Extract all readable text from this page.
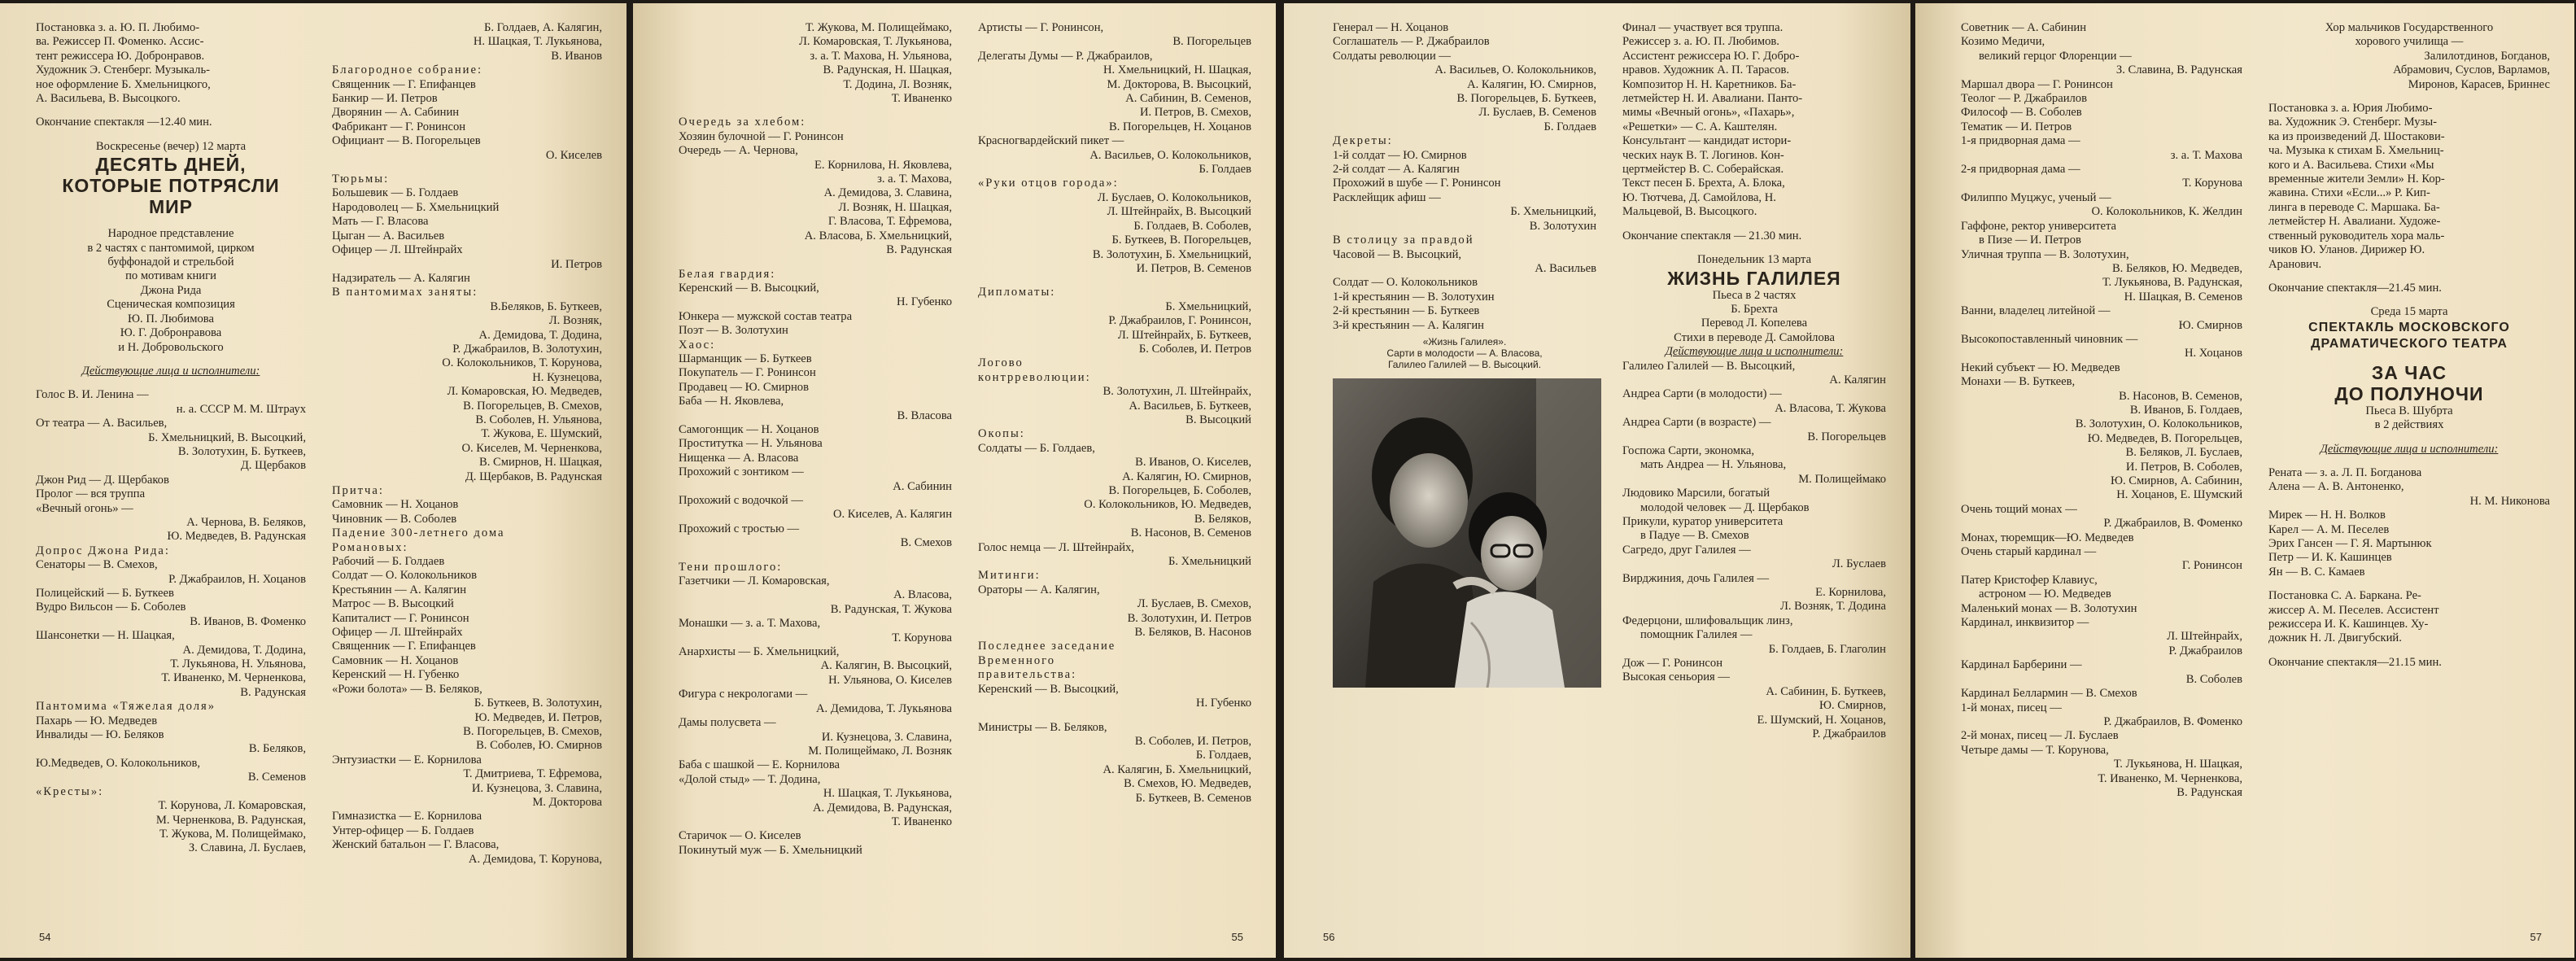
Постановка з. а. Ю. П. Любимо-
ва. Режиссер П. Фоменко. Ассис-
тент режиссера Ю. Добронравов.
Художник Э. Стенберг. Музыкаль-
ное оформление Б. Хмельницкого,
А. Васильева, В. Высоцкого.
Окончание спектакля —12.40 мин.
Воскресенье (вечер) 12 марта
ДЕСЯТЬ ДНЕЙ,
КОТОРЫЕ ПОТРЯСЛИ
МИР
Народное представление
в 2 частях с пантомимой, цирком
буффонадой и стрельбой
по мотивам книги
Джона Рида
Сценическая композиция
Ю. П. Любимова
Ю. Г. Добронравова
и Н. Добровольского
Действующие лица и исполнители:
Голос В. И. Ленина —
н. а. СССР М. М. Штраух
От театра — А. Васильев,
Б. Хмельницкий, В. Высоцкий,
В. Золотухин, Б. Буткеев,
Д. Щербаков
Джон Рид — Д. Щербаков
Пролог — вся труппа
«Вечный огонь» —
А. Чернова, В. Беляков,
Ю. Медведев, В. Радунская
Допрос Джона Рида:
Сенаторы — В. Смехов,
Р. Джабраилов, Н. Хоцанов
Полицейский — Б. Буткеев
Вудро Вильсон — Б. Соболев
В. Иванов, В. Фоменко
Шансонетки — Н. Шацкая,
А. Демидова, Т. Додина,
Т. Лукьянова, Н. Ульянова,
Т. Иваненко, М. Черненкова,
В. Радунская
Пантомима «Тяжелая доля»
Пахарь — Ю. Медведев
Инвалиды — Ю. Беляков
В. Беляков,
Ю.Медведев, О. Колокольников,
В. Семенов
«Кресты»:
Т. Корунова, Л. Комаровская,
М. Черненкова, В. Радунская,
Т. Жукова, М. Полищеймако,
З. Славина, Л. Буслаев,
Б. Голдаев, А. Калягин,
Н. Шацкая, Т. Лукьянова,
В. Иванов
Благородное собрание:
Священник — Г. Епифанцев
Банкир — И. Петров
Дворянин — А. Сабинин
Фабрикант — Г. Ронинсон
Официант — В. Погорельцев
О. Киселев
Тюрьмы:
Большевик — Б. Голдаев
Народоволец — Б. Хмельницкий
Мать — Г. Власова
Цыган — А. Васильев
Офицер — Л. Штейнрайх
И. Петров
Надзиратель — А. Калягин
В пантомимах заняты:
В.Беляков, Б. Буткеев,
Л. Возняк,
А. Демидова, Т. Додина,
Р. Джабраилов, В. Золотухин,
О. Колокольников, Т. Корунова,
Н. Кузнецова,
Л. Комаровская, Ю. Медведев,
В. Погорельцев, В. Смехов,
В. Соболев, Н. Ульянова,
Т. Жукова, Е. Шумский,
О. Киселев, М. Черненкова,
В. Смирнов, Н. Шацкая,
Д. Щербаков, В. Радунская
Притча:
Самовник — Н. Хоцанов
Чиновник — В. Соболев
Падение 300-летнего дома
Романовых:
Рабочий — Б. Голдаев
Солдат — О. Колокольников
Крестьянин — А. Калягин
Матрос — В. Высоцкий
Капиталист — Г. Ронинсон
Офицер — Л. Штейнрайх
Священник — Г. Епифанцев
Самовник — Н. Хоцанов
Керенский — Н. Губенко
«Рожи болота» — В. Беляков,
Б. Буткеев, В. Золотухин,
Ю. Медведев, И. Петров,
В. Погорельцев, В. Смехов,
В. Соболев, Ю. Смирнов
Энтузиастки — Е. Корнилова
Т. Дмитриева, Т. Ефремова,
И. Кузнецова, З. Славина,
М. Докторова
Гимназистка — Е. Корнилова
Унтер-офицер — Б. Голдаев
Женский батальон — Г. Власова,
А. Демидова, Т. Корунова,
54
Т. Жукова, М. Полищеймако,
Л. Комаровская, Т. Лукьянова,
з. а. Т. Махова, Н. Ульянова,
В. Радунская, Н. Шацкая,
Т. Додина, Л. Возняк,
Т. Иваненко
Очередь за хлебом:
Хозяин булочной — Г. Ронинсон
Очередь — А. Чернова,
Е. Корнилова, Н. Яковлева,
з. а. Т. Махова,
А. Демидова, З. Славина,
Л. Возняк, Н. Шацкая,
Г. Власова, Т. Ефремова,
А. Власова, Б. Хмельницкий,
В. Радунская
Белая гвардия:
Керенский — В. Высоцкий,
Н. Губенко
Юнкера — мужской состав театра
Поэт — В. Золотухин
Хаос:
Шарманщик — Б. Буткеев
Покупатель — Г. Ронинсон
Продавец — Ю. Смирнов
Баба — Н. Яковлева,
В. Власова
Самогонщик — Н. Хоцанов
Проститутка — Н. Ульянова
Нищенка — А. Власова
Прохожий с зонтиком —
А. Сабинин
Прохожий с водочкой —
О. Киселев, А. Калягин
Прохожий с тростью —
В. Смехов
Тени прошлого:
Газетчики — Л. Комаровская,
А. Власова,
В. Радунская, Т. Жукова
Монашки — з. а. Т. Махова,
Т. Корунова
Анархисты — Б. Хмельницкий,
А. Калягин, В. Высоцкий,
Н. Ульянова, О. Киселев
Фигура с некрологами —
А. Демидова, Т. Лукьянова
Дамы полусвета —
И. Кузнецова, З. Славина,
М. Полищеймако, Л. Возняк
Баба с шашкой — Е. Корнилова
«Долой стыд» — Т. Додина,
Н. Шацкая, Т. Лукьянова,
А. Демидова, В. Радунская,
Т. Иваненко
Старичок — О. Киселев
Покинутый муж — Б. Хмельницкий
Артисты — Г. Ронинсон,
В. Погорельцев
Делегаты Думы — Р. Джабраилов,
Н. Хмельницкий, Н. Шацкая,
М. Докторова, В. Высоцкий,
А. Сабинин, В. Семенов,
И. Петров, В. Смехов,
В. Погорельцев, Н. Хоцанов
Красногвардейский пикет —
А. Васильев, О. Колокольников,
Б. Голдаев
«Руки отцов города»:
Л. Буслаев, О. Колокольников,
Л. Штейнрайх, В. Высоцкий
Б. Голдаев, В. Соболев,
Б. Буткеев, В. Погорельцев,
В. Золотухин, Б. Хмельницкий,
И. Петров, В. Семенов
Дипломаты:
Б. Хмельницкий,
Р. Джабраилов, Г. Ронинсон,
Л. Штейнрайх, Б. Буткеев,
Б. Соболев, И. Петров
Логово
контрреволюции:
В. Золотухин, Л. Штейнрайх,
А. Васильев, Б. Буткеев,
В. Высоцкий
Окопы:
Солдаты — Б. Голдаев,
В. Иванов, О. Киселев,
А. Калягин, Ю. Смирнов,
В. Погорельцев, Б. Соболев,
О. Колокольников, Ю. Медведев,
В. Беляков,
В. Насонов, В. Семенов
Голос немца — Л. Штейнрайх,
Б. Хмельницкий
Митинги:
Ораторы — А. Калягин,
Л. Буслаев, В. Смехов,
В. Золотухин, И. Петров
В. Беляков, В. Насонов
Последнее заседание
Временного
правительства:
Керенский — В. Высоцкий,
Н. Губенко
Министры — В. Беляков,
В. Соболев, И. Петров,
Б. Голдаев,
А. Калягин, Б. Хмельницкий,
В. Смехов, Ю. Медведев,
Б. Буткеев, В. Семенов
55
Генерал — Н. Хоцанов
Соглашатель — Р. Джабраилов
Солдаты революции —
А. Васильев, О. Колокольников,
А. Калягин, Ю. Смирнов,
В. Погорельцев, Б. Буткеев,
Л. Буслаев, В. Семенов
Б. Голдаев
Декреты:
1-й солдат — Ю. Смирнов
2-й солдат — А. Калягин
Прохожий в шубе — Г. Ронинсон
Расклейщик афиш —
Б. Хмельницкий,
В. Золотухин
В столицу за правдой
Часовой — В. Высоцкий,
А. Васильев
Солдат — О. Колокольников
1-й крестьянин — В. Золотухин
2-й крестьянин — Б. Буткеев
3-й крестьянин — А. Калягин
«Жизнь Галилея».
Сарти в молодости — А. Власова,
Галилео Галилей — В. Высоцкий.
Финал — участвует вся труппа.
Режиссер з. а. Ю. П. Любимов.
Ассистент режиссера Ю. Г. Добро-
нравов. Художник А. П. Тарасов.
Композитор Н. Н. Каретников. Ба-
летмейстер Н. И. Авалиани. Панто-
мимы «Вечный огонь», «Пахарь»,
«Решетки» — С. А. Каштелян.
Консультант — кандидат истори-
ческих наук В. Т. Логинов. Кон-
цертмейстер В. С. Соберайская.
Текст песен Б. Брехта, А. Блока,
Ю. Тютчева, Д. Самойлова, Н.
Мальцевой, В. Высоцкого.
Окончание спектакля — 21.30 мин.
Понедельник 13 марта
ЖИЗНЬ ГАЛИЛЕЯ
Пьеса в 2 частях
Б. Брехта
Перевод Л. Копелева
Стихи в переводе Д. Самойлова
Действующие лица и исполнители:
Галилео Галилей — В. Высоцкий,
А. Калягин
Андреа Сарти (в молодости) —
А. Власова, Т. Жукова
Андреа Сарти (в возрасте) —
В. Погорельцев
Госпожа Сарти, экономка,
мать Андреа — Н. Ульянова,
М. Полищеймако
Людовико Марсили, богатый
молодой человек — Д. Щербаков
Прикули, куратор университета
в Падуе — В. Смехов
Сагредо, друг Галилея —
Л. Буслаев
Вирджиния, дочь Галилея —
Е. Корнилова,
Л. Возняк, Т. Додина
Федерцони, шлифовальщик линз,
помощник Галилея —
Б. Голдаев, Б. Глаголин
Дож — Г. Ронинсон
Высокая сеньория —
А. Сабинин, Б. Буткеев,
Ю. Смирнов,
Е. Шумский, Н. Хоцанов,
Р. Джабраилов
56
Советник — А. Сабинин
Козимо Медичи,
великий герцог Флоренции —
З. Славина, В. Радунская
Маршал двора — Г. Ронинсон
Теолог — Р. Джабраилов
Философ — В. Соболев
Тематик — И. Петров
1-я придворная дама —
з. а. Т. Махова
2-я придворная дама —
Т. Корунова
Филиппо Муцжус, ученый —
О. Колокольников, К. Желдин
Гаффоне, ректор университета
в Пизе — И. Петров
Уличная труппа — В. Золотухин,
В. Беляков, Ю. Медведев,
Т. Лукьянова, В. Радунская,
Н. Шацкая, В. Семенов
Ванни, владелец литейной —
Ю. Смирнов
Высокопоставленный чиновник —
Н. Хоцанов
Некий субъект — Ю. Медведев
Монахи — В. Буткеев,
В. Насонов, В. Семенов,
В. Иванов, Б. Голдаев,
В. Золотухин, О. Колокольников,
Ю. Медведев, В. Погорельцев,
В. Беляков, Л. Буслаев,
И. Петров, В. Соболев,
Ю. Смирнов, А. Сабинин,
Н. Хоцанов, Е. Шумский
Очень тощий монах —
Р. Джабраилов, В. Фоменко
Монах, тюремщик—Ю. Медведев
Очень старый кардинал —
Г. Ронинсон
Патер Кристофер Клавиус,
астроном — Ю. Медведев
Маленький монах — В. Золотухин
Кардинал, инквизитор —
Л. Штейнрайх,
Р. Джабраилов
Кардинал Барберини —
В. Соболев
Кардинал Беллармин — В. Смехов
1-й монах, писец —
Р. Джабраилов, В. Фоменко
2-й монах, писец — Л. Буслаев
Четыре дамы — Т. Корунова,
Т. Лукьянова, Н. Шацкая,
Т. Иваненко, М. Черненкова,
В. Радунская
Хор мальчиков Государственного
хорового училища —
Залилотдинов, Богданов,
Абрамович, Суслов, Варламов,
Миронов, Карасев, Бриннес
Постановка з. а. Юрия Любимо-
ва. Художник Э. Стенберг. Музы-
ка из произведений Д. Шостакови-
ча. Музыка к стихам Б. Хмельниц-
кого и А. Васильева. Стихи «Мы
временные жители Земли» Н. Кор-
жавина. Стихи «Если...» Р. Кип-
линга в переводе С. Маршака. Ба-
летмейстер Н. Авалиани. Художе-
ственный руководитель хора маль-
чиков Ю. Уланов. Дирижер Ю.
Аранович.
Окончание спектакля—21.45 мин.
Среда 15 марта
СПЕКТАКЛЬ МОСКОВСКОГО
ДРАМАТИЧЕСКОГО ТЕАТРА
ЗА ЧАС
ДО ПОЛУНОЧИ
Пьеса В. Шубрта
в 2 действиях
Действующие лица и исполнители:
Рената — з. а. Л. П. Богданова
Алена — А. В. Антоненко,
Н. М. Никонова
Мирек — Н. Н. Волков
Карел — А. М. Песелев
Эрих Гансен — Г. Я. Мартынюк
Петр — И. К. Кашинцев
Ян — В. С. Камаев
Постановка С. А. Баркана. Ре-
жиссер А. М. Песелев. Ассистент
режиссера И. К. Кашинцев. Ху-
дожник Н. Л. Двигубский.
Окончание спектакля—21.15 мин.
57
